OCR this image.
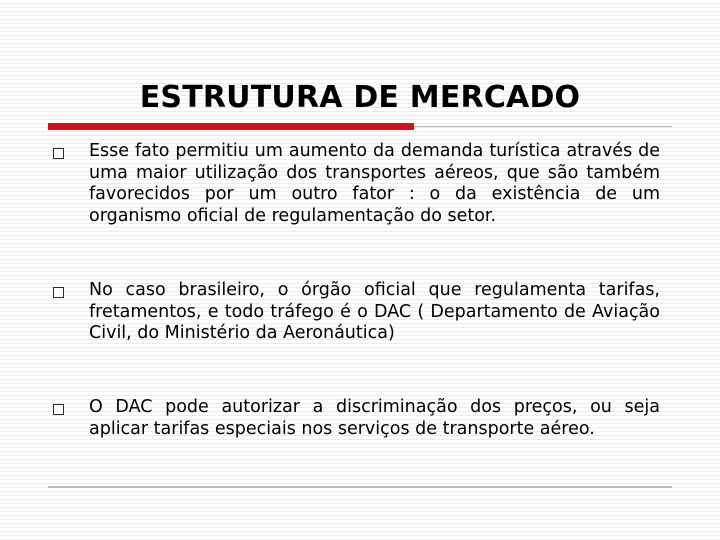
ESTRUTURA DE MERCADO

Esse fato permitiu um aumento da demanda turística através de uma maior utilização dos transportes aéreos, que são também favorecidos por um outro fator : o da existência de um organismo oficial de regulamentação do setor.

No caso brasileiro, o órgão oficial que regulamenta tarifas, fretamentos, e todo tráfego é o DAC ( Departamento de Aviação Civil, do Ministério da Aeronáutica)

O DAC pode autorizar a discriminação dos preços, ou seja aplicar tarifas especiais nos serviços de transporte aéreo.
